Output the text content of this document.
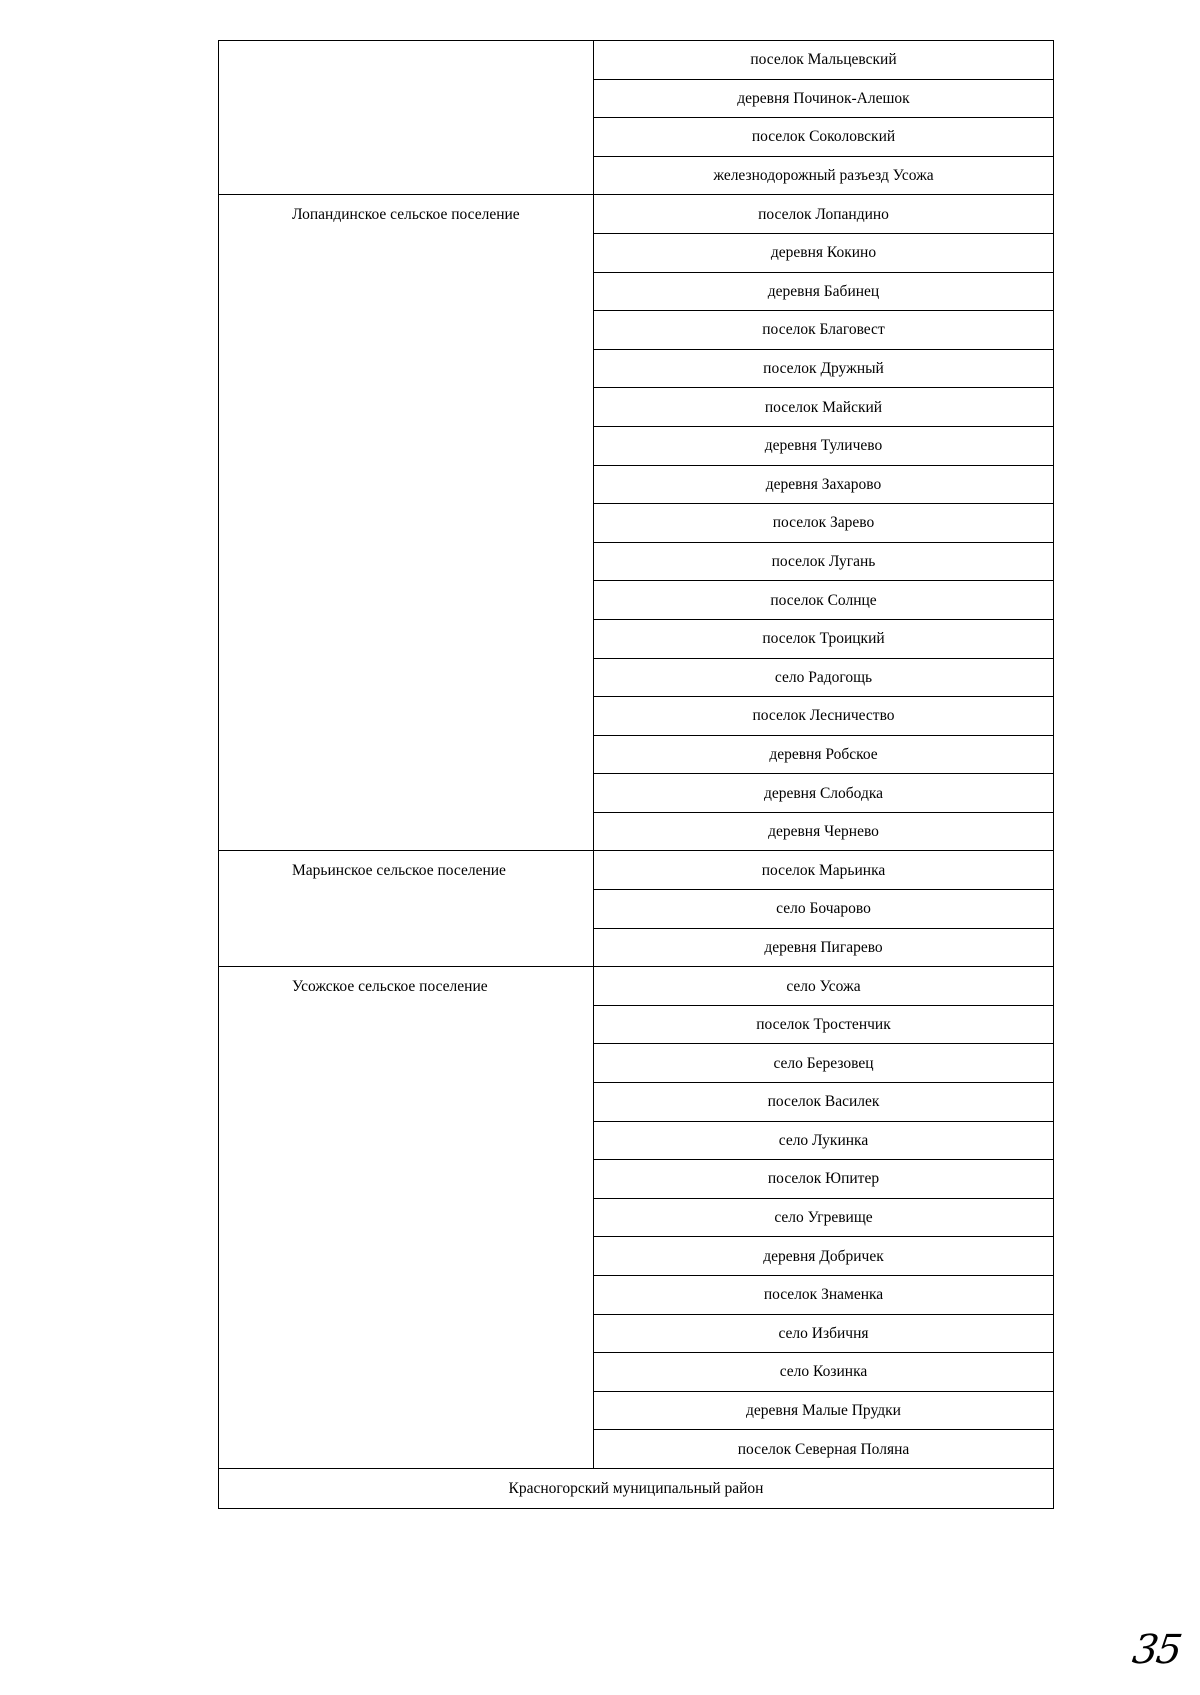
	поселок Мальцевский
	деревня Починок-Алешок
	поселок Соколовский
	железнодорожный разъезд Усожа
Лопандинское сельское поселение	поселок Лопандино
	деревня Кокино
	деревня Бабинец
	поселок Благовест
	поселок Дружный
	поселок Майский
	деревня Туличево
	деревня Захарово
	поселок Зарево
	поселок Лугань
	поселок Солнце
	поселок Троицкий
	село Радогощь
	поселок Лесничество
	деревня Робское
	деревня Слободка
	деревня Чернево
Марьинское сельское поселение	поселок Марьинка
	село Бочарово
	деревня Пигарево
Усожское сельское поселение	село Усожа
	поселок Тростенчик
	село Березовец
	поселок Василек
	село Лукинка
	поселок Юпитер
	село Угревище
	деревня Добричек
	поселок Знаменка
	село Избичня
	село Козинка
	деревня Малые Прудки
	поселок Северная Поляна
Красногорский муниципальный район	
35
